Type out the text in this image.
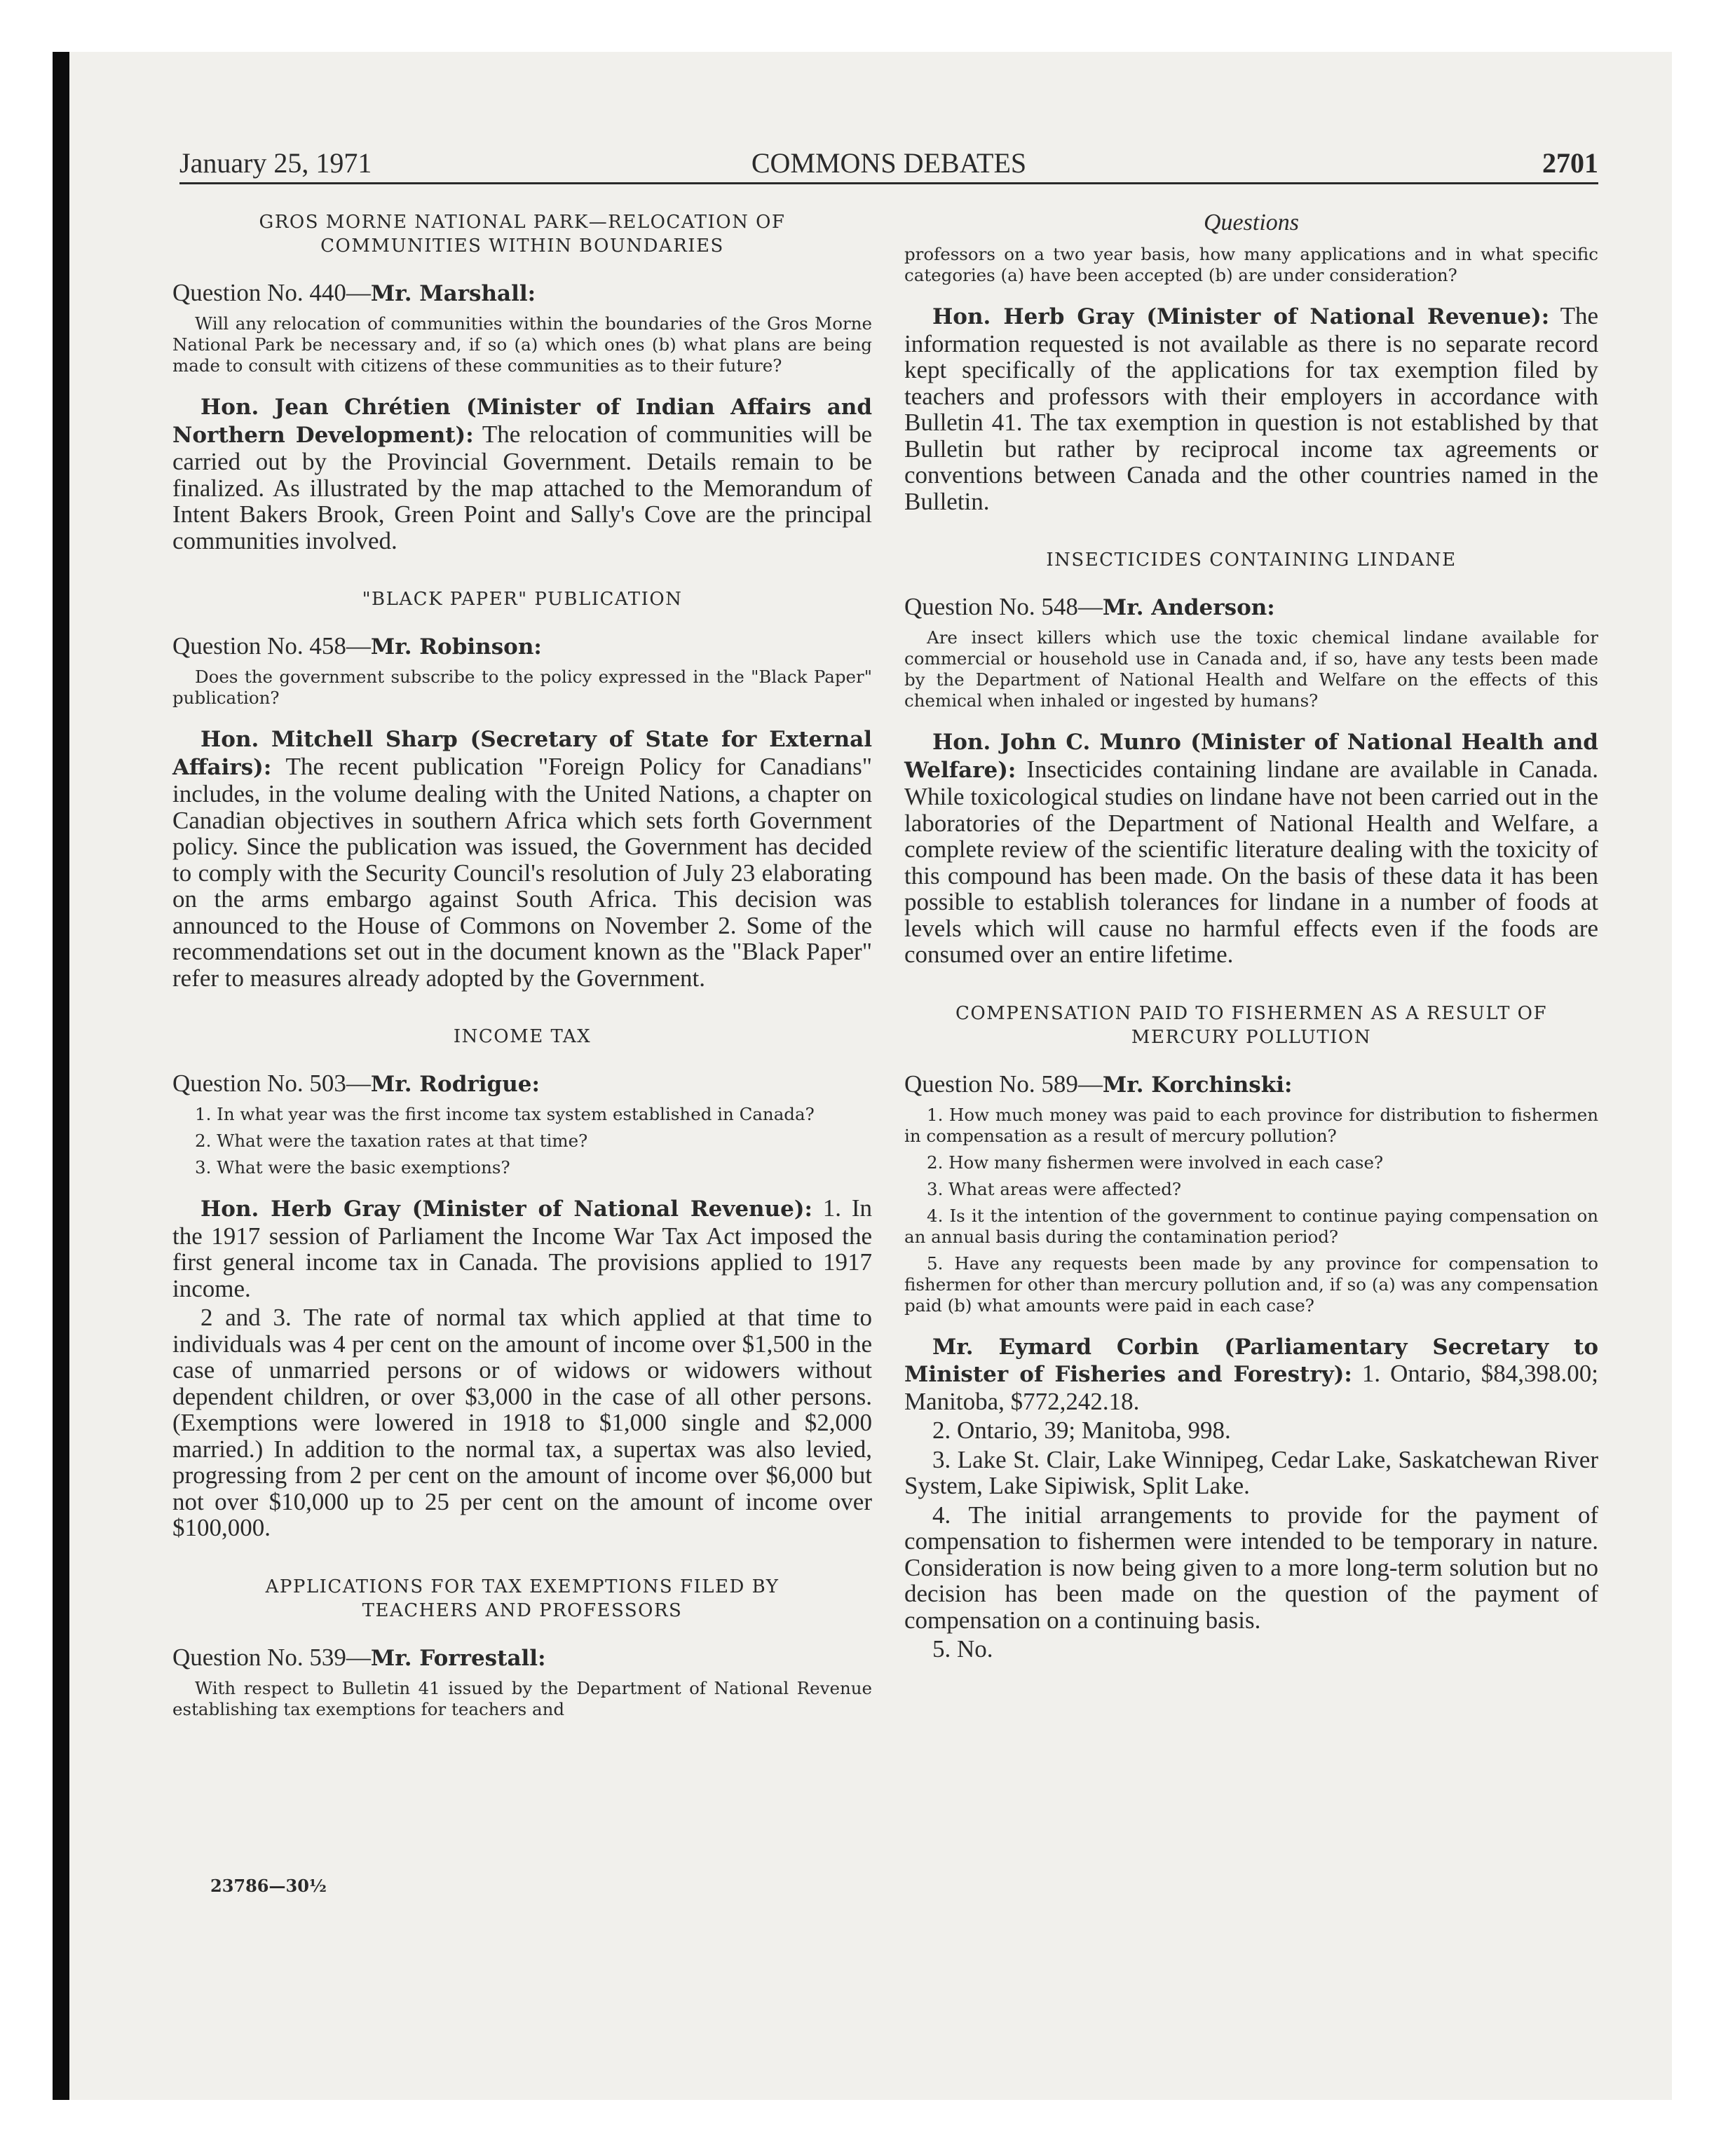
January 25, 1971	COMMONS DEBATES	2701
GROS MORNE NATIONAL PARK—RELOCATION OF
COMMUNITIES WITHIN BOUNDARIES
Question No. 440—Mr. Marshall:

Will any relocation of communities within the boundaries of the Gros Morne National Park be necessary and, if so (a) which ones (b) what plans are being made to consult with citizens of these communities as to their future?

Hon. Jean Chrétien (Minister of Indian Affairs and Northern Development): The relocation of communities will be carried out by the Provincial Government. Details remain to be finalized. As illustrated by the map attached to the Memorandum of Intent Bakers Brook, Green Point and Sally's Cove are the principal communities involved.

"BLACK PAPER" PUBLICATION
Question No. 458—Mr. Robinson:

Does the government subscribe to the policy expressed in the "Black Paper" publication?

Hon. Mitchell Sharp (Secretary of State for External Affairs): The recent publication "Foreign Policy for Canadians" includes, in the volume dealing with the United Nations, a chapter on Canadian objectives in southern Africa which sets forth Government policy. Since the publication was issued, the Government has decided to comply with the Security Council's resolution of July 23 elaborating on the arms embargo against South Africa. This decision was announced to the House of Commons on November 2. Some of the recommendations set out in the document known as the "Black Paper" refer to measures already adopted by the Government.

INCOME TAX
Question No. 503—Mr. Rodrigue:

1. In what year was the first income tax system established in Canada?

2. What were the taxation rates at that time?

3. What were the basic exemptions?

Hon. Herb Gray (Minister of National Revenue): 1. In the 1917 session of Parliament the Income War Tax Act imposed the first general income tax in Canada. The provisions applied to 1917 income.

2 and 3. The rate of normal tax which applied at that time to individuals was 4 per cent on the amount of income over $1,500 in the case of unmarried persons or of widows or widowers without dependent children, or over $3,000 in the case of all other persons. (Exemptions were lowered in 1918 to $1,000 single and $2,000 married.) In addition to the normal tax, a supertax was also levied, progressing from 2 per cent on the amount of income over $6,000 but not over $10,000 up to 25 per cent on the amount of income over $100,000.

APPLICATIONS FOR TAX EXEMPTIONS FILED BY
TEACHERS AND PROFESSORS
Question No. 539—Mr. Forrestall:

With respect to Bulletin 41 issued by the Department of National Revenue establishing tax exemptions for teachers and

23786—30½
Questions

professors on a two year basis, how many applications and in what specific categories (a) have been accepted (b) are under consideration?

Hon. Herb Gray (Minister of National Revenue): The information requested is not available as there is no separate record kept specifically of the applications for tax exemption filed by teachers and professors with their employers in accordance with Bulletin 41. The tax exemption in question is not established by that Bulletin but rather by reciprocal income tax agreements or conventions between Canada and the other countries named in the Bulletin.

INSECTICIDES CONTAINING LINDANE
Question No. 548—Mr. Anderson:

Are insect killers which use the toxic chemical lindane available for commercial or household use in Canada and, if so, have any tests been made by the Department of National Health and Welfare on the effects of this chemical when inhaled or ingested by humans?

Hon. John C. Munro (Minister of National Health and Welfare): Insecticides containing lindane are available in Canada. While toxicological studies on lindane have not been carried out in the laboratories of the Department of National Health and Welfare, a complete review of the scientific literature dealing with the toxicity of this compound has been made. On the basis of these data it has been possible to establish tolerances for lindane in a number of foods at levels which will cause no harmful effects even if the foods are consumed over an entire lifetime.

COMPENSATION PAID TO FISHERMEN AS A RESULT OF
MERCURY POLLUTION
Question No. 589—Mr. Korchinski:

1. How much money was paid to each province for distribution to fishermen in compensation as a result of mercury pollution?

2. How many fishermen were involved in each case?

3. What areas were affected?

4. Is it the intention of the government to continue paying compensation on an annual basis during the contamination period?

5. Have any requests been made by any province for compensation to fishermen for other than mercury pollution and, if so (a) was any compensation paid (b) what amounts were paid in each case?

Mr. Eymard Corbin (Parliamentary Secretary to Minister of Fisheries and Forestry): 1. Ontario, $84,398.00; Manitoba, $772,242.18.

2. Ontario, 39; Manitoba, 998.

3. Lake St. Clair, Lake Winnipeg, Cedar Lake, Saskatchewan River System, Lake Sipiwisk, Split Lake.

4. The initial arrangements to provide for the payment of compensation to fishermen were intended to be temporary in nature. Consideration is now being given to a more long-term solution but no decision has been made on the question of the payment of compensation on a continuing basis.

5. No.
